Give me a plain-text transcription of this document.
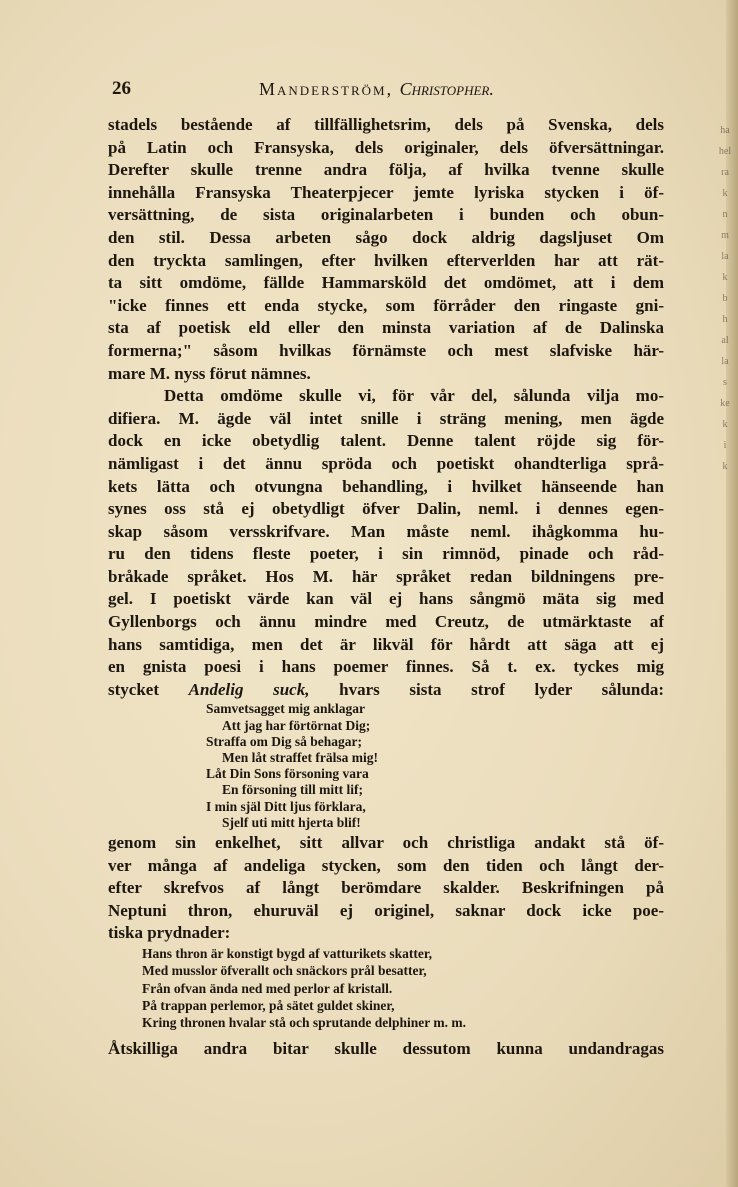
ha
hel
ra
k
n
m
la
k
b
h
al
la
s
ke
k
i
k
26	Manderström, Christopher.
stadels bestående af tillfällighetsrim, dels på Svenska, dels
på Latin och Fransyska, dels originaler, dels öfversättningar.
Derefter skulle trenne andra följa, af hvilka tvenne skulle
innehålla Fransyska Theaterpjecer jemte lyriska stycken i öf-
versättning, de sista originalarbeten i bunden och obun-
den stil. Dessa arbeten sågo dock aldrig dagsljuset Om
den tryckta samlingen, efter hvilken efterverlden har att rät-
ta sitt omdöme, fällde Hammarsköld det omdömet, att i dem
"icke finnes ett enda stycke, som förråder den ringaste gni-
sta af poetisk eld eller den minsta variation af de Dalinska
formerna;" såsom hvilkas förnämste och mest slafviske här-
mare M. nyss förut nämnes.
Detta omdöme skulle vi, för vår del, sålunda vilja mo-
difiera. M. ägde väl intet snille i sträng mening, men ägde
dock en icke obetydlig talent. Denne talent röjde sig för-
nämligast i det ännu spröda och poetiskt ohandterliga språ-
kets lätta och otvungna behandling, i hvilket hänseende han
synes oss stå ej obetydligt öfver Dalin, neml. i dennes egen-
skap såsom versskrifvare. Man måste neml. ihågkomma hu-
ru den tidens fleste poeter, i sin rimnöd, pinade och råd-
bråkade språket. Hos M. här språket redan bildningens pre-
gel. I poetiskt värde kan väl ej hans sångmö mäta sig med
Gyllenborgs och ännu mindre med Creutz, de utmärktaste af
hans samtidiga, men det är likväl för hårdt att säga att ej
en gnista poesi i hans poemer finnes. Så t. ex. tyckes mig
stycket Andelig suck, hvars sista strof lyder sålunda:
Samvetsagget mig anklagar
Att jag har förtörnat Dig;
Straffa om Dig så behagar;
Men låt straffet frälsa mig!
Låt Din Sons försoning vara
En försoning till mitt lif;
I min själ Ditt ljus förklara,
Sjelf uti mitt hjerta blif!
genom sin enkelhet, sitt allvar och christliga andakt stå öf-
ver många af andeliga stycken, som den tiden och långt der-
efter skrefvos af långt berömdare skalder. Beskrifningen på
Neptuni thron, ehuruväl ej originel, saknar dock icke poe-
tiska prydnader:
Hans thron är konstigt bygd af vatturikets skatter,
Med musslor öfverallt och snäckors prål besatter,
Från ofvan ända ned med perlor af kristall.
På trappan perlemor, på sätet guldet skiner,
Kring thronen hvalar stå och sprutande delphiner m. m.
Åtskilliga andra bitar skulle dessutom kunna undandragas
